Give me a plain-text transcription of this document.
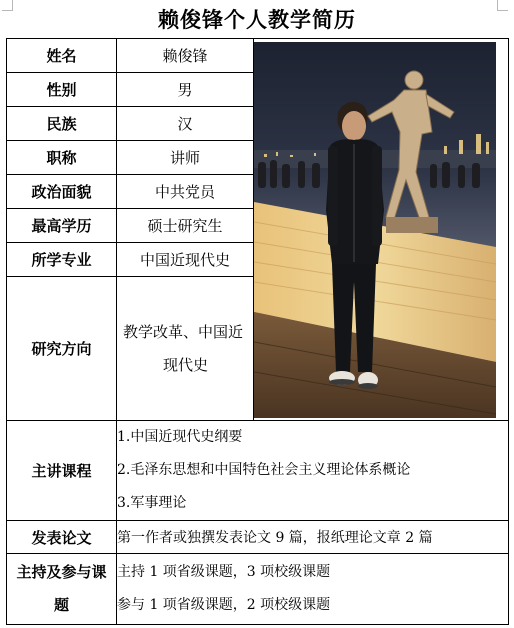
赖俊锋个人教学简历
姓名	赖俊锋	

性别	男	
民族	汉	
职称	讲师	
政治面貌	中共党员	
最高学历	硕士研究生	
所学专业	中国近现代史	
研究方向	教学改革、中国近
现代史	

主讲课程	1.中国近现代史纲要
2.毛泽东思想和中国特色社会主义理论体系概论
3.军事理论	

发表论文	第一作者或独撰发表论文 9 篇，报纸理论文章 2 篇	

主持及参与课
题	主持 1 项省级课题，3 项校级课题
参与 1 项省级课题，2 项校级课题	
